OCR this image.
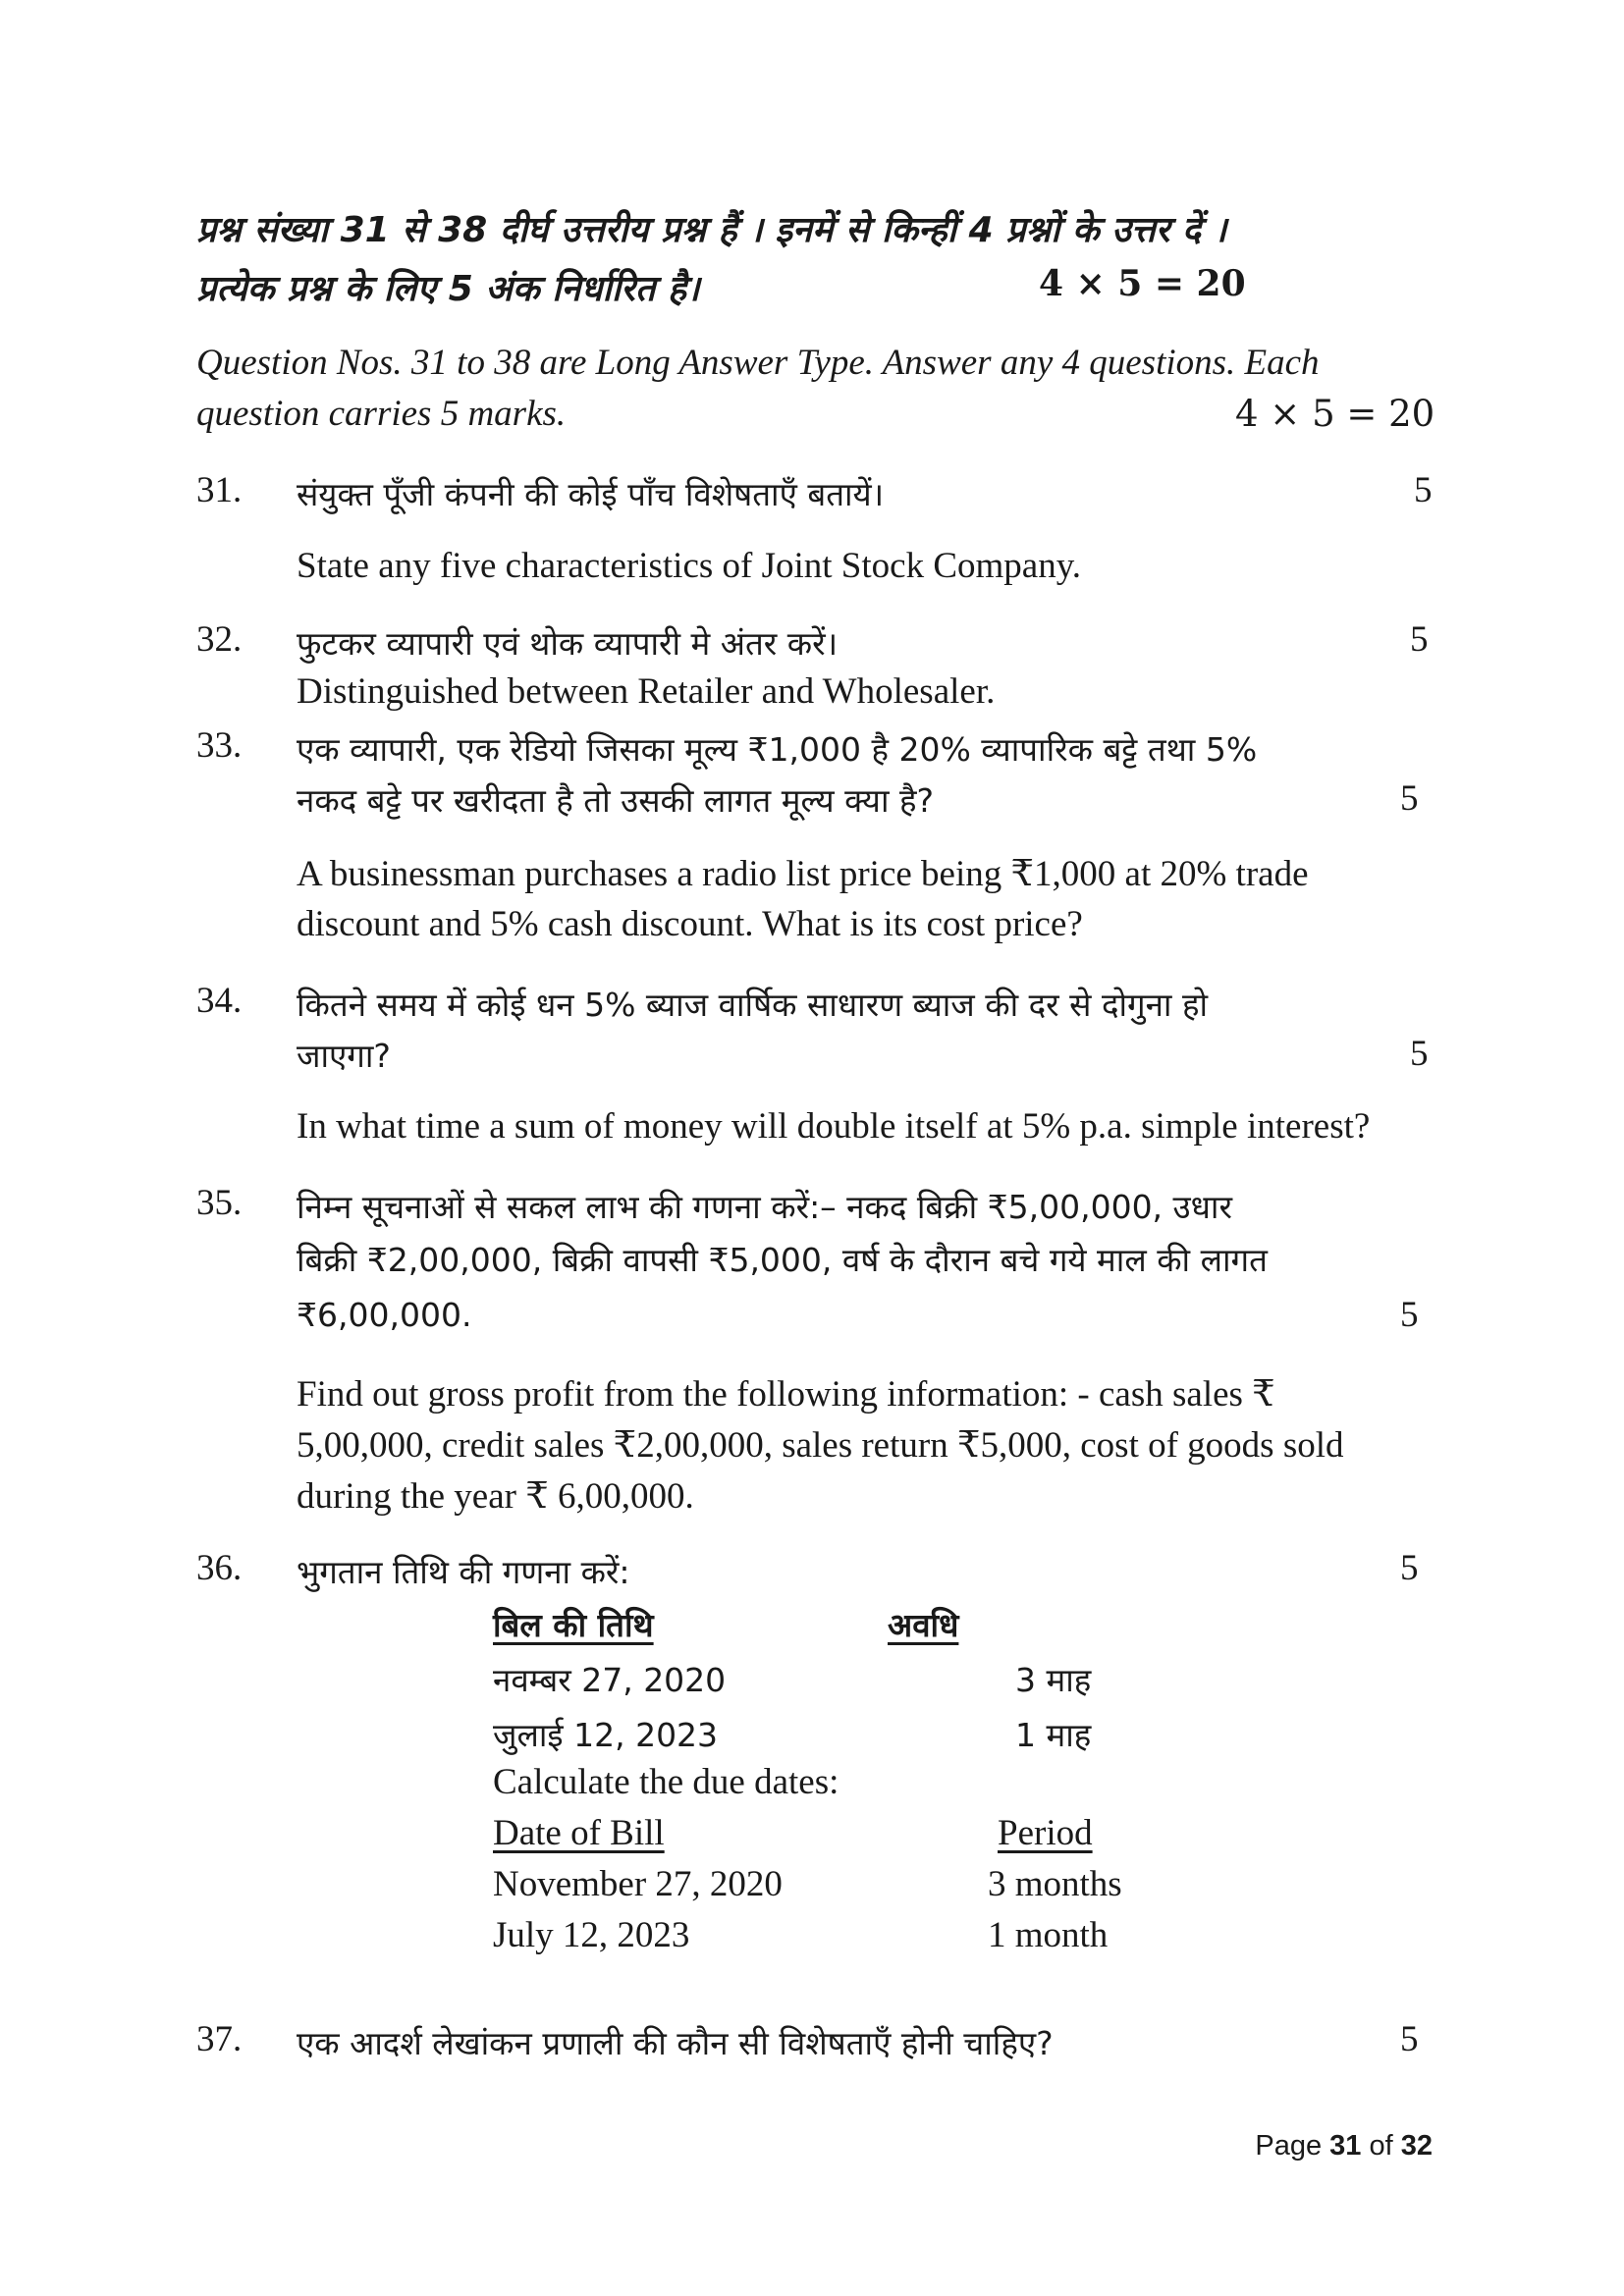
प्रश्न संख्या 31 से 38 दीर्घ उत्तरीय प्रश्न हैं । इनमें से किन्हीं 4 प्रश्नों के उत्तर दें ।
प्रत्येक प्रश्न के लिए 5 अंक निर्धारित है।	4 × 5 = 20
Question Nos. 31 to 38 are Long Answer Type. Answer any 4 questions. Each
question carries 5 marks.	4 × 5 = 20
31. संयुक्त पूँजी कंपनी की कोई पाँच विशेषताएँ बतायें।	5
State any five characteristics of Joint Stock Company.
32. फुटकर व्यापारी एवं थोक व्यापारी मे अंतर करें।	5
Distinguished between Retailer and Wholesaler.
33. एक व्यापारी, एक रेडियो जिसका मूल्य ₹1,000 है 20% व्यापारिक बट्टे तथा 5%
नकद बट्टे पर खरीदता है तो उसकी लागत मूल्य क्या है?	5
A businessman purchases a radio list price being ₹1,000 at 20% trade
discount and 5% cash discount. What is its cost price?
34. कितने समय में कोई धन 5% ब्याज वार्षिक साधारण ब्याज की दर से दोगुना हो
जाएगा?	5
In what time a sum of money will double itself at 5% p.a. simple interest?
35. निम्न सूचनाओं से सकल लाभ की गणना करें:– नकद बिक्री ₹5,00,000, उधार
बिक्री ₹2,00,000, बिक्री वापसी ₹5,000, वर्ष के दौरान बचे गये माल की लागत
₹6,00,000.	5
Find out gross profit from the following information: - cash sales ₹
5,00,000, credit sales ₹2,00,000, sales return ₹5,000, cost of goods sold
during the year ₹ 6,00,000.
36. भुगतान तिथि की गणना करें:	5
बिल की तिथि	अवधि
नवम्बर 27, 2020	3 माह
जुलाई 12, 2023	1 माह
Calculate the due dates:
Date of Bill	Period
November 27, 2020	3 months
July 12, 2023	1 month
37. एक आदर्श लेखांकन प्रणाली की कौन सी विशेषताएँ होनी चाहिए?	5
Page 31 of 32
